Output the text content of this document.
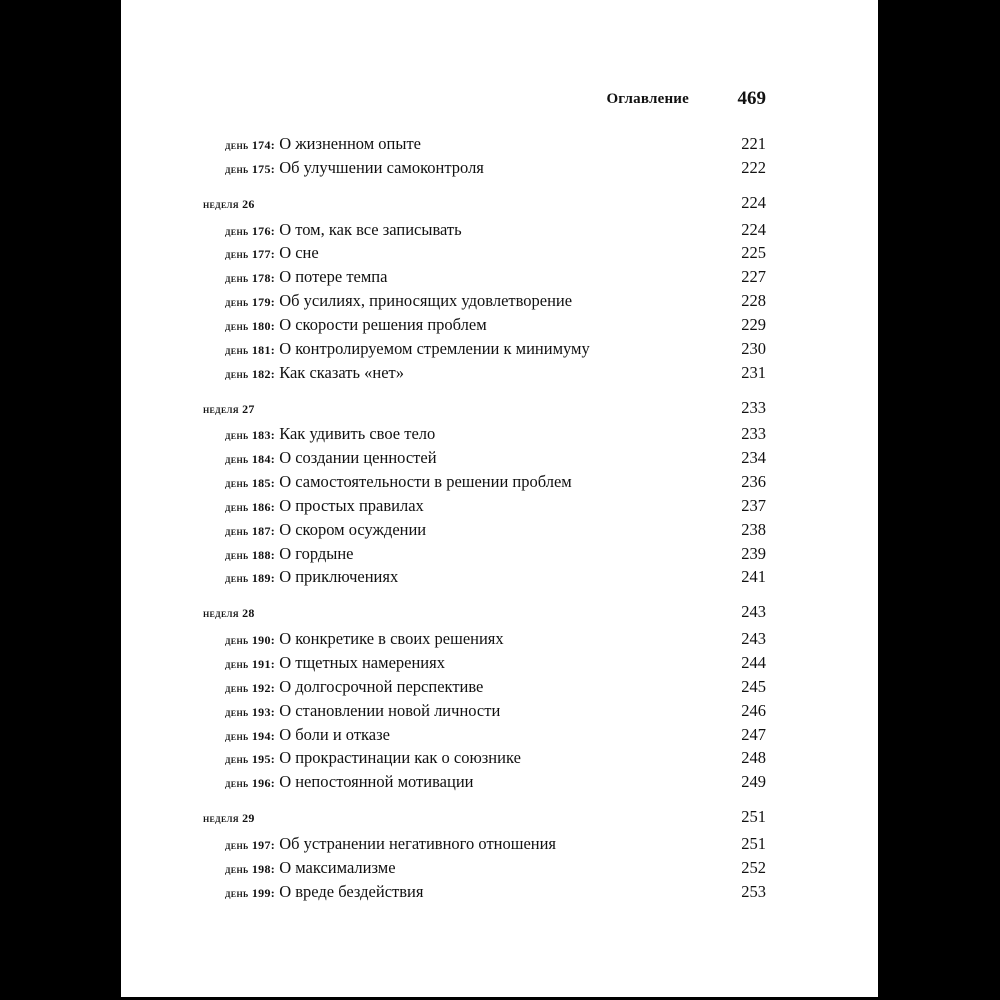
Оглавление	469
день 174: О жизненном опыте	221
день 175: Об улучшении самоконтроля	222
неделя 26	224
день 176: О том, как все записывать	224
день 177: О сне	225
день 178: О потере темпа	227
день 179: Об усилиях, приносящих удовлетворение	228
день 180: О скорости решения проблем	229
день 181: О контролируемом стремлении к минимуму	230
день 182: Как сказать «нет»	231
неделя 27	233
день 183: Как удивить свое тело	233
день 184: О создании ценностей	234
день 185: О самостоятельности в решении проблем	236
день 186: О простых правилах	237
день 187: О скором осуждении	238
день 188: О гордыне	239
день 189: О приключениях	241
неделя 28	243
день 190: О конкретике в своих решениях	243
день 191: О тщетных намерениях	244
день 192: О долгосрочной перспективе	245
день 193: О становлении новой личности	246
день 194: О боли и отказе	247
день 195: О прокрастинации как о союзнике	248
день 196: О непостоянной мотивации	249
неделя 29	251
день 197: Об устранении негативного отношения	251
день 198: О максимализме	252
день 199: О вреде бездействия	253
